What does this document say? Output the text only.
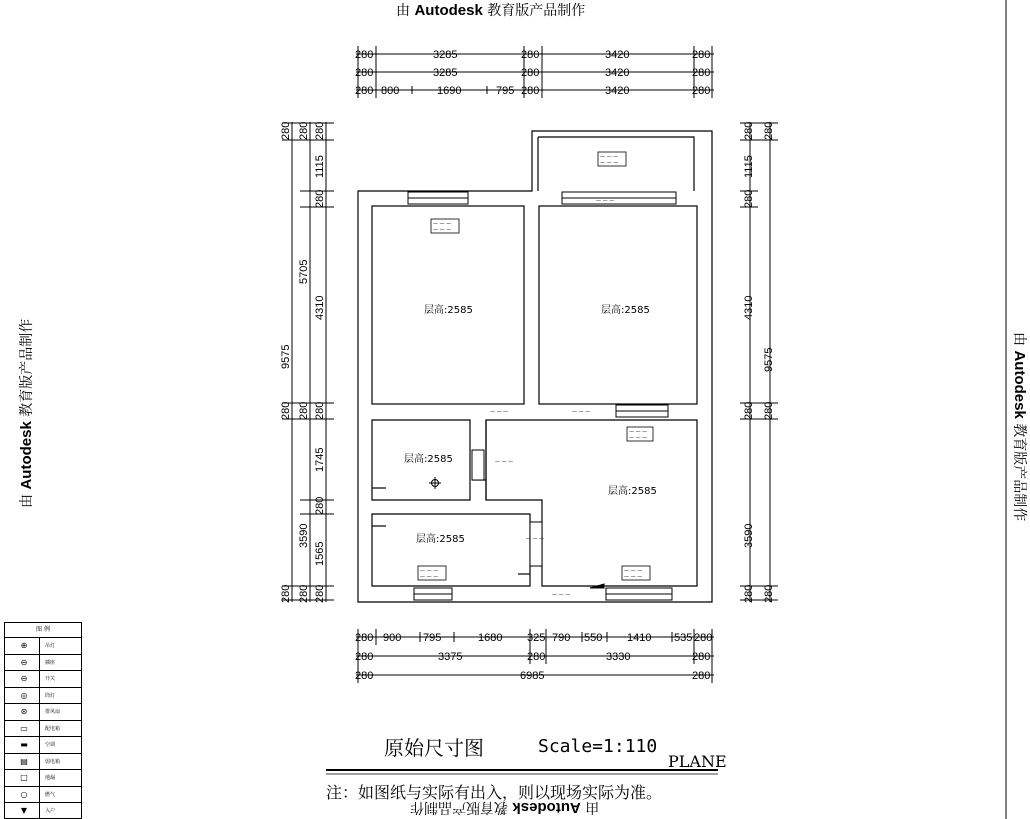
由 Autodesk 教育版产品制作
由 Autodesk 教育版产品制作
由 Autodesk 教育版产品制作	由 Autodesk 教育版产品制作
280	3285	280	3420	280
280	3285	280	3420	280
280 800	1690	795 280	3420	280
9575
5705
3590
280 280 280
1115
280
4310
280 280 280
1745
280
1565
280 280 280
9575
3590
280 280
1115
280
4310
280 280
280 280
280 900 795	1680 325 790 550 1410 535 280
280	3375	280	3330	280
280	6985	280
— — —
— — —
— — —
— — —
— — —
— — —	— — —
— — —
— — —
— — —
— — —
— — —
— — —
— — —
— — —
— — —
层高:2585	层高:2585
层高:2585
层高:2585
层高:2585
原始尺寸图	Scale=1:110
PLANE
注：如图纸与实际有出入，则以现场实际为准。
图 例
⊕	吊灯
⊖	插座
⊖	开关
◎	筒灯
⊛	排风扇
▭	配电箱
▬	空调
▤	弱电箱
□	地漏
○	燃气
▼	入户
